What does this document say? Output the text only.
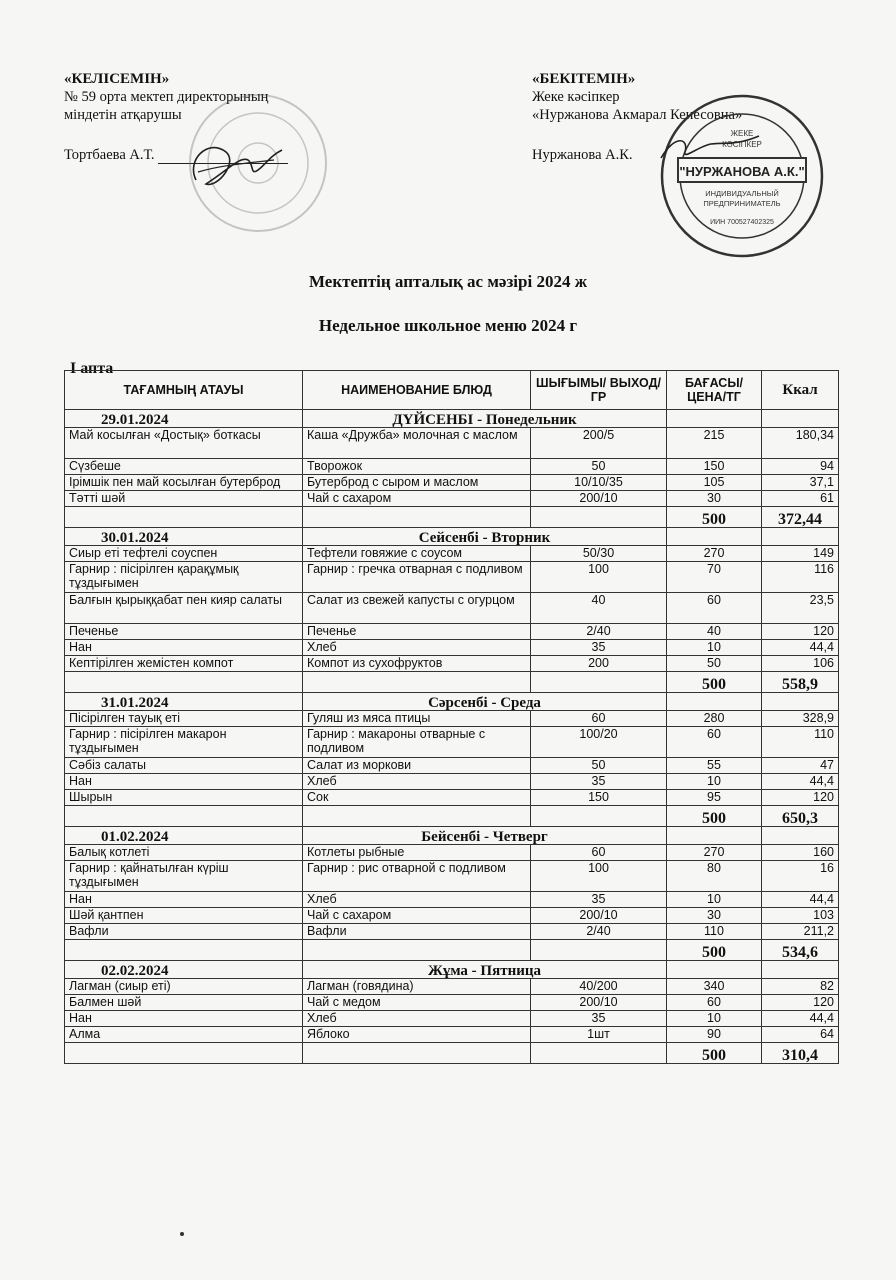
«КЕЛІСЕМІН»
№ 59 орта мектеп директорының
міндетін атқарушы
Тортбаева А.Т.
«БЕКІТЕМІН»
Жеке кәсіпкер
«Нуржанова Акмарал Кенесовна»
Нуржанова А.К.
"НУРЖАНОВА А.К."
ЖЕКЕ
КӘСІПКЕР
ИНДИВИДУАЛЬНЫЙ
ПРЕДПРИНИМАТЕЛЬ
ИИН 700527402325
Мектептің апталық ас мәзірі 2024 ж
Недельное школьное меню 2024 г
I апта
ТАҒАМНЫҢ АТАУЫ	НАИМЕНОВАНИЕ БЛЮД	ШЫҒЫМЫ/ ВЫХОД/ГР	БАҒАСЫ/ ЦЕНА/ТГ	Ккал
29.01.2024	ДҮЙСЕНБІ - Понедельник			
Май косылған «Достық» боткасы	Каша «Дружба» молочная с маслом	200/5	215	180,34
Сүзбеше	Творожок	50	150	94
Ірімшік пен май косылған бутерброд	Бутерброд с сыром и маслом	10/10/35	105	37,1
Тәтті шәй	Чай с сахаром	200/10	30	61
			500	372,44
30.01.2024	Сейсенбі - Вторник			
Сиыр еті тефтелі соуспен	Тефтели говяжие с соусом	50/30	270	149
Гарнир : пісірілген қарақұмық тұздығымен	Гарнир : гречка отварная с подливом	100	70	116
Балғын қырыққабат пен кияр салаты	Салат из свежей капусты с огурцом	40	60	23,5
Печенье	Печенье	2/40	40	120
Нан	Хлеб	35	10	44,4
Кептірілген жемістен компот	Компот из сухофруктов	200	50	106
			500	558,9
31.01.2024	Сәрсенбі - Среда			
Пісірілген тауық еті	Гуляш из мяса птицы	60	280	328,9
Гарнир : пісірілген макарон тұздығымен	Гарнир : макароны отварные с подливом	100/20	60	110
Сәбіз салаты	Салат из моркови	50	55	47
Нан	Хлеб	35	10	44,4
Шырын	Сок	150	95	120
			500	650,3
01.02.2024	Бейсенбі - Четверг			
Балық котлеті	Котлеты рыбные	60	270	160
Гарнир : қайнатылған күріш тұздығымен	Гарнир : рис отварной с подливом	100	80	16
Нан	Хлеб	35	10	44,4
Шәй қантпен	Чай с сахаром	200/10	30	103
Вафли	Вафли	2/40	110	211,2
			500	534,6
02.02.2024	Жұма - Пятница			
Лагман (сиыр еті)	Лагман (говядина)	40/200	340	82
Балмен шәй	Чай с медом	200/10	60	120
Нан	Хлеб	35	10	44,4
Алма	Яблоко	1шт	90	64
			500	310,4
